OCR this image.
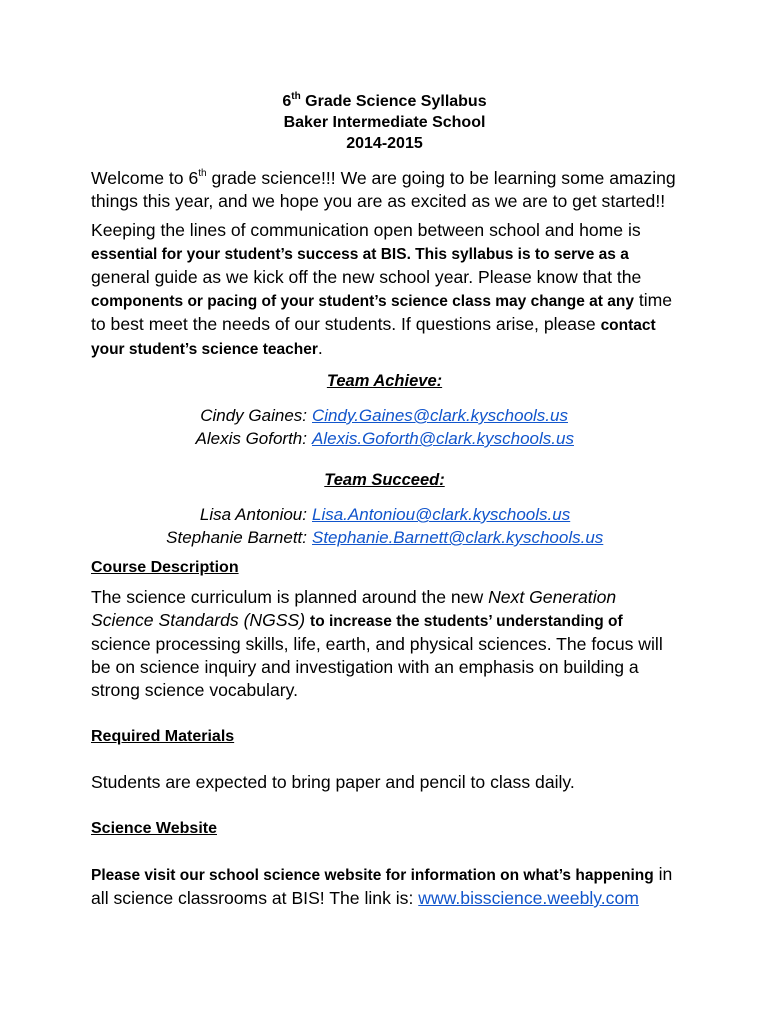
6th Grade Science Syllabus
Baker Intermediate School
2014-2015

Welcome to 6th grade science!!! We are going to be learning some amazing things this year, and we hope you are as excited as we are to get started!!

Keeping the lines of communication open between school and home is essential for your student’s success at BIS. This syllabus is to serve as a general guide as we kick off the new school year. Please know that the components or pacing of your student’s science class may change at any time to best meet the needs of our students. If questions arise, please contact your student’s science teacher.

Team Achieve:
Cindy Gaines: Cindy.Gaines@clark.kyschools.us
Alexis Goforth: Alexis.Goforth@clark.kyschools.us
Team Succeed:
Lisa Antoniou: Lisa.Antoniou@clark.kyschools.us
Stephanie Barnett: Stephanie.Barnett@clark.kyschools.us
Course Description

The science curriculum is planned around the new Next Generation Science Standards (NGSS) to increase the students’ understanding of science processing skills, life, earth, and physical sciences. The focus will be on science inquiry and investigation with an emphasis on building a strong science vocabulary.

Required Materials

Students are expected to bring paper and pencil to class daily.

Science Website

Please visit our school science website for information on what’s happening in all science classrooms at BIS! The link is: www.bisscience.weebly.com
